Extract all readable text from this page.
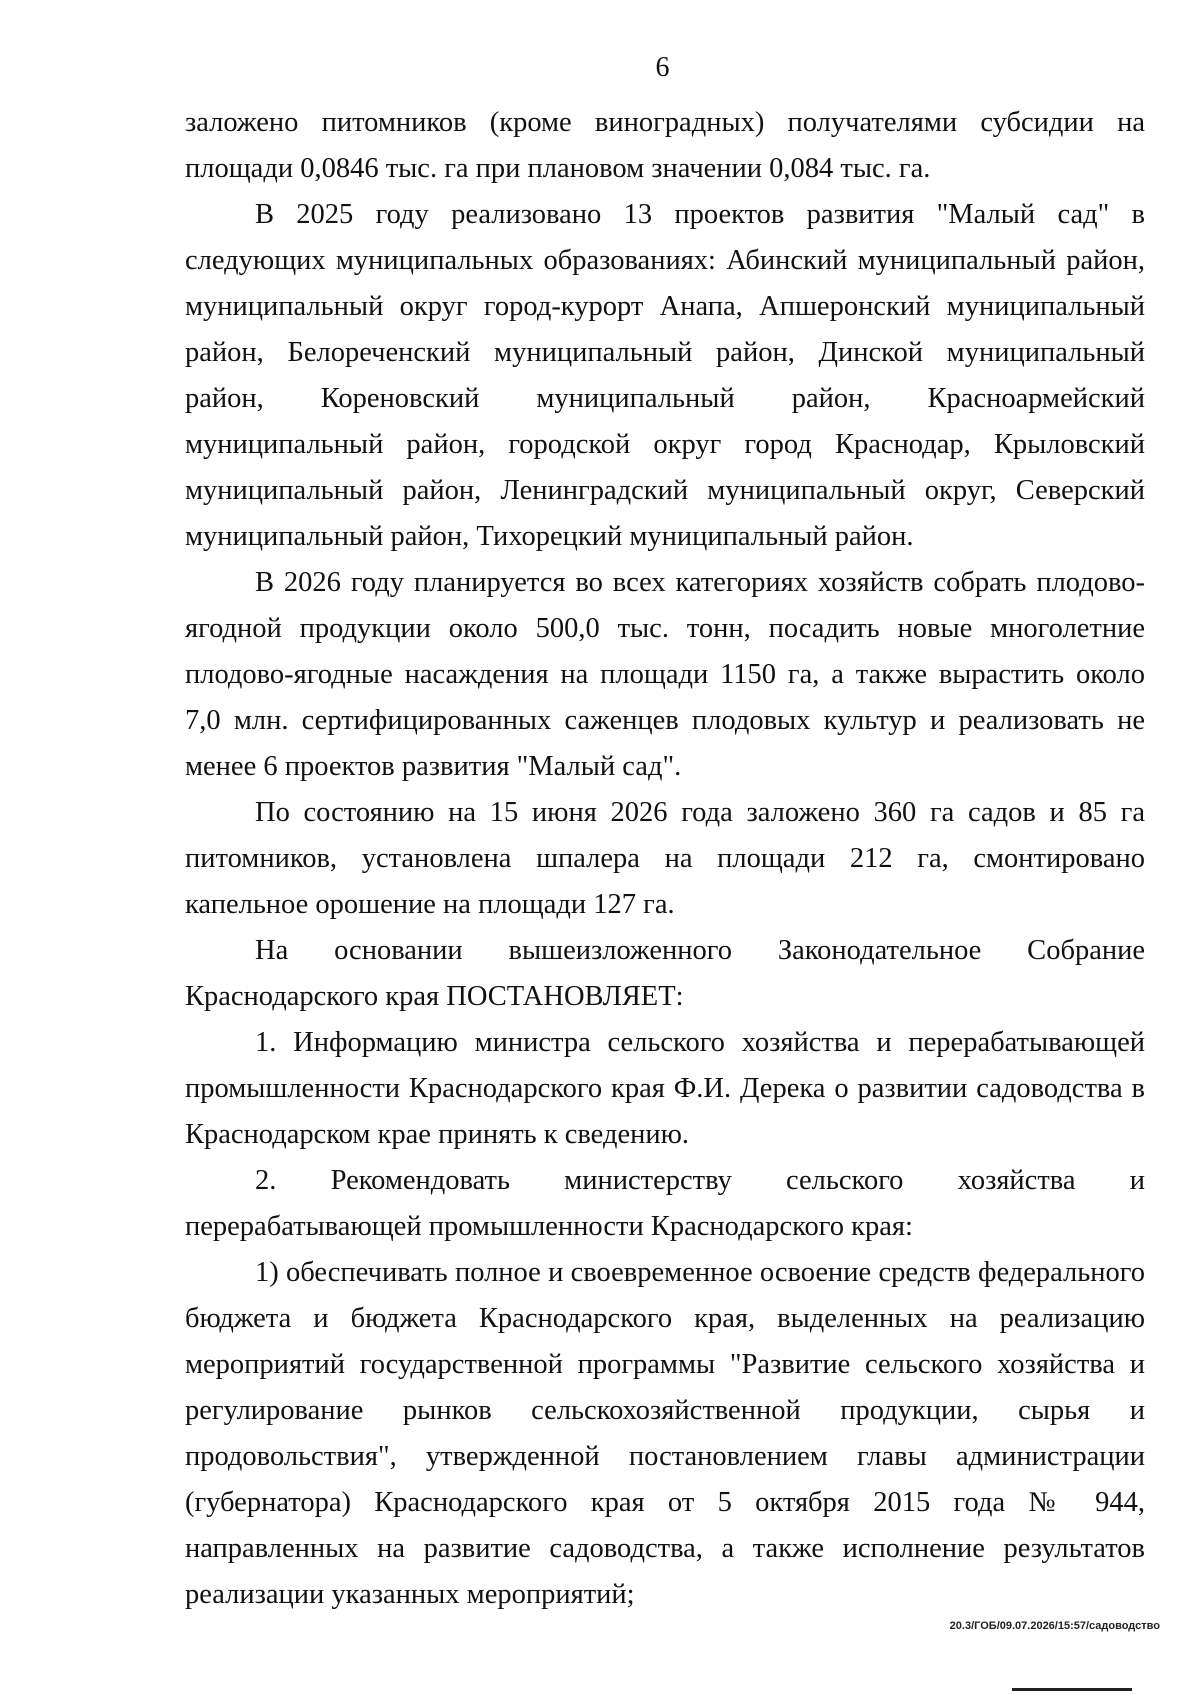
6

заложено питомников (кроме виноградных) получателями субсидии на площади 0,0846 тыс. га при плановом значении 0,084 тыс. га.

В 2025 году реализовано 13 проектов развития "Малый сад" в следующих муниципальных образованиях: Абинский муниципальный район, муниципальный округ город-курорт Анапа, Апшеронский муниципальный район, Белореченский муниципальный район, Динской муниципальный район, Кореновский муниципальный район, Красноармейский муниципальный район, городской округ город Краснодар, Крыловский муниципальный район, Ленинградский муниципальный округ, Северский муниципальный район, Тихорецкий муниципальный район.

В 2026 году планируется во всех категориях хозяйств собрать плодово-ягодной продукции около 500,0 тыс. тонн, посадить новые многолетние плодово-ягодные насаждения на площади 1150 га, а также вырастить около 7,0 млн. сертифицированных саженцев плодовых культур и реализовать не менее 6 проектов развития "Малый сад".

По состоянию на 15 июня 2026 года заложено 360 га садов и 85 га питомников, установлена шпалера на площади 212 га, смонтировано капельное орошение на площади 127 га.

На основании вышеизложенного Законодательное Собрание Краснодарского края ПОСТАНОВЛЯЕТ:

1. Информацию министра сельского хозяйства и перерабатывающей промышленности Краснодарского края Ф.И. Дерека о развитии садоводства в Краснодарском крае принять к сведению.

2. Рекомендовать министерству сельского хозяйства и перерабатывающей промышленности Краснодарского края:

1) обеспечивать полное и своевременное освоение средств федерального бюджета и бюджета Краснодарского края, выделенных на реализацию мероприятий государственной программы "Развитие сельского хозяйства и регулирование рынков сельскохозяйственной продукции, сырья и продовольствия", утвержденной постановлением главы администрации (губернатора) Краснодарского края от 5 октября 2015 года № 944, направленных на развитие садоводства, а также исполнение результатов реализации указанных мероприятий;

20.3/ГОБ/09.07.2026/15:57/садоводство
